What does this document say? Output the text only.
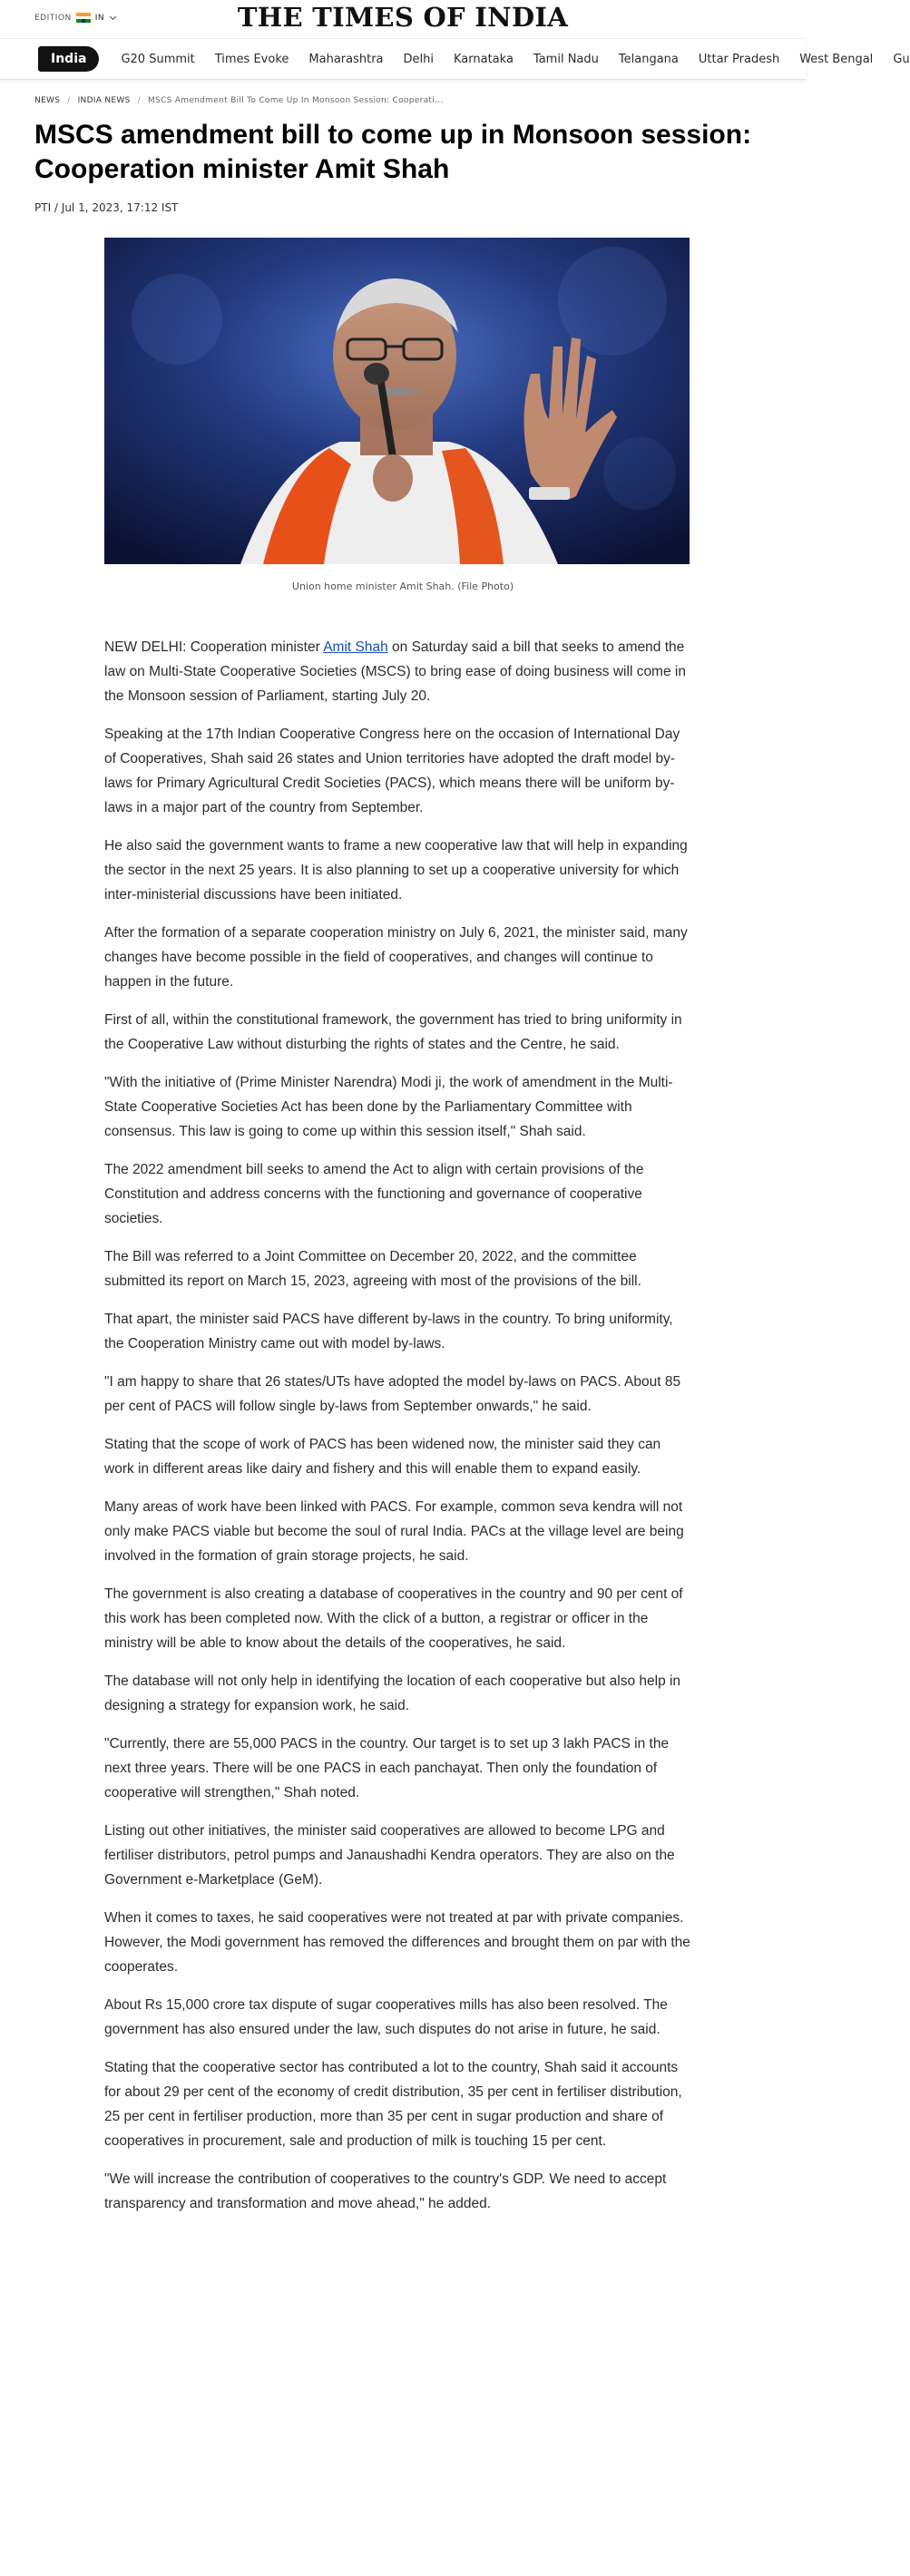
EDITION	IN	THE TIMES OF INDIA
India	G20 Summit Times Evoke Maharashtra Delhi Karnataka Tamil Nadu Telangana Uttar Pradesh West Bengal Gu
NEWS / INDIA NEWS / MSCS Amendment Bill To Come Up In Monsoon Session: Cooperati...
MSCS amendment bill to come up in Monsoon session: Cooperation minister Amit Shah
PTI / Jul 1, 2023, 17:12 IST
Union home minister Amit Shah. (File Photo)

NEW DELHI: Cooperation minister Amit Shah on Saturday said a bill that seeks to amend the law on Multi-State Cooperative Societies (MSCS) to bring ease of doing business will come in the Monsoon session of Parliament, starting July 20.

Speaking at the 17th Indian Cooperative Congress here on the occasion of International Day of Cooperatives, Shah said 26 states and Union territories have adopted the draft model by-laws for Primary Agricultural Credit Societies (PACS), which means there will be uniform by-laws in a major part of the country from September.

He also said the government wants to frame a new cooperative law that will help in expanding the sector in the next 25 years. It is also planning to set up a cooperative university for which inter-ministerial discussions have been initiated.

After the formation of a separate cooperation ministry on July 6, 2021, the minister said, many changes have become possible in the field of cooperatives, and changes will continue to happen in the future.

First of all, within the constitutional framework, the government has tried to bring uniformity in the Cooperative Law without disturbing the rights of states and the Centre, he said.

"With the initiative of (Prime Minister Narendra) Modi ji, the work of amendment in the Multi-State Cooperative Societies Act has been done by the Parliamentary Committee with consensus. This law is going to come up within this session itself," Shah said.

The 2022 amendment bill seeks to amend the Act to align with certain provisions of the Constitution and address concerns with the functioning and governance of cooperative societies.

The Bill was referred to a Joint Committee on December 20, 2022, and the committee submitted its report on March 15, 2023, agreeing with most of the provisions of the bill.

That apart, the minister said PACS have different by-laws in the country. To bring uniformity, the Cooperation Ministry came out with model by-laws.

"I am happy to share that 26 states/UTs have adopted the model by-laws on PACS. About 85 per cent of PACS will follow single by-laws from September onwards," he said.

Stating that the scope of work of PACS has been widened now, the minister said they can work in different areas like dairy and fishery and this will enable them to expand easily.

Many areas of work have been linked with PACS. For example, common seva kendra will not only make PACS viable but become the soul of rural India. PACs at the village level are being involved in the formation of grain storage projects, he said.

The government is also creating a database of cooperatives in the country and 90 per cent of this work has been completed now. With the click of a button, a registrar or officer in the ministry will be able to know about the details of the cooperatives, he said.

The database will not only help in identifying the location of each cooperative but also help in designing a strategy for expansion work, he said.

"Currently, there are 55,000 PACS in the country. Our target is to set up 3 lakh PACS in the next three years. There will be one PACS in each panchayat. Then only the foundation of cooperative will strengthen," Shah noted.

Listing out other initiatives, the minister said cooperatives are allowed to become LPG and fertiliser distributors, petrol pumps and Janaushadhi Kendra operators. They are also on the Government e-Marketplace (GeM).

When it comes to taxes, he said cooperatives were not treated at par with private companies. However, the Modi government has removed the differences and brought them on par with the cooperates.

About Rs 15,000 crore tax dispute of sugar cooperatives mills has also been resolved. The government has also ensured under the law, such disputes do not arise in future, he said.

Stating that the cooperative sector has contributed a lot to the country, Shah said it accounts for about 29 per cent of the economy of credit distribution, 35 per cent in fertiliser distribution, 25 per cent in fertiliser production, more than 35 per cent in sugar production and share of cooperatives in procurement, sale and production of milk is touching 15 per cent.

"We will increase the contribution of cooperatives to the country's GDP. We need to accept transparency and transformation and move ahead," he added.
